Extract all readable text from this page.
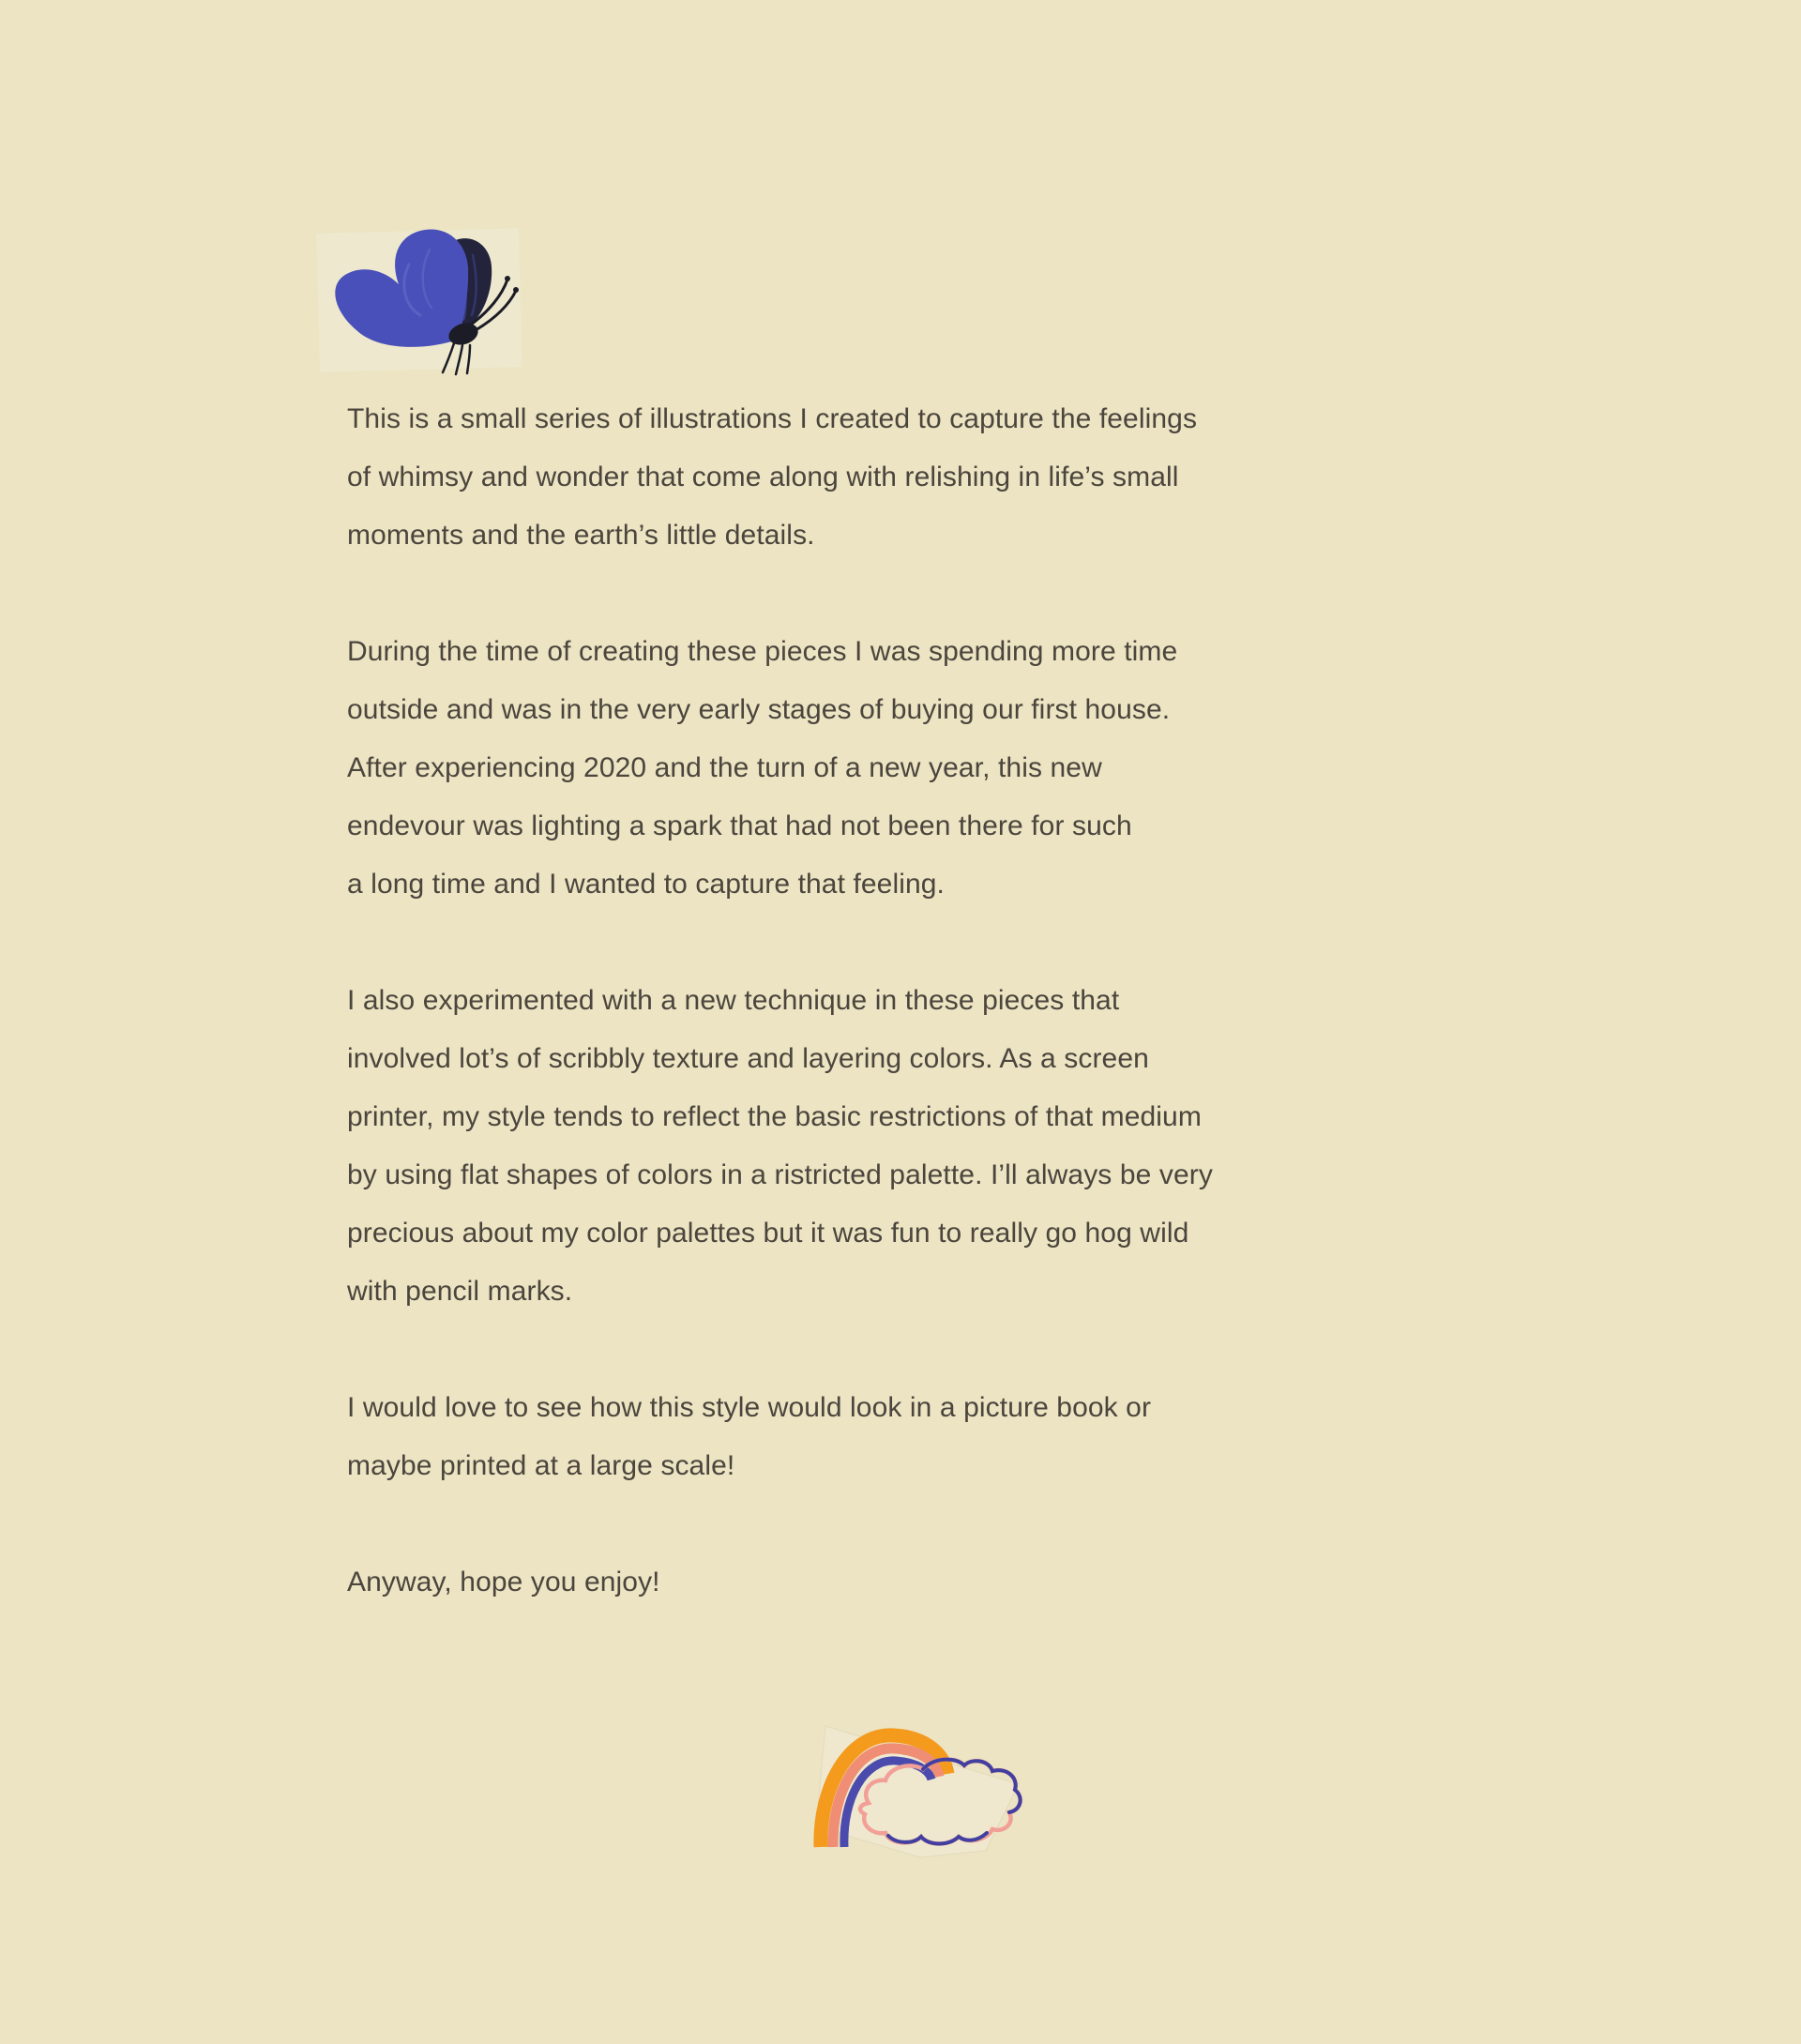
This is a small series of illustrations I created to capture the feelings
of whimsy and wonder that come along with relishing in life’s small
moments and the earth’s little details.

During the time of creating these pieces I was spending more time
outside and was in the very early stages of buying our first house.
After experiencing 2020 and the turn of a new year, this new
endevour was lighting a spark that had not been there for such
a long time and I wanted to capture that feeling.

I also experimented with a new technique in these pieces that
involved lot’s of scribbly texture and layering colors. As a screen
printer, my style tends to reflect the basic restrictions of that medium
by using flat shapes of colors in a ristricted palette. I’ll always be very
precious about my color palettes but it was fun to really go hog wild
with pencil marks.

I would love to see how this style would look in a picture book or
maybe printed at a large scale!

Anyway, hope you enjoy!
